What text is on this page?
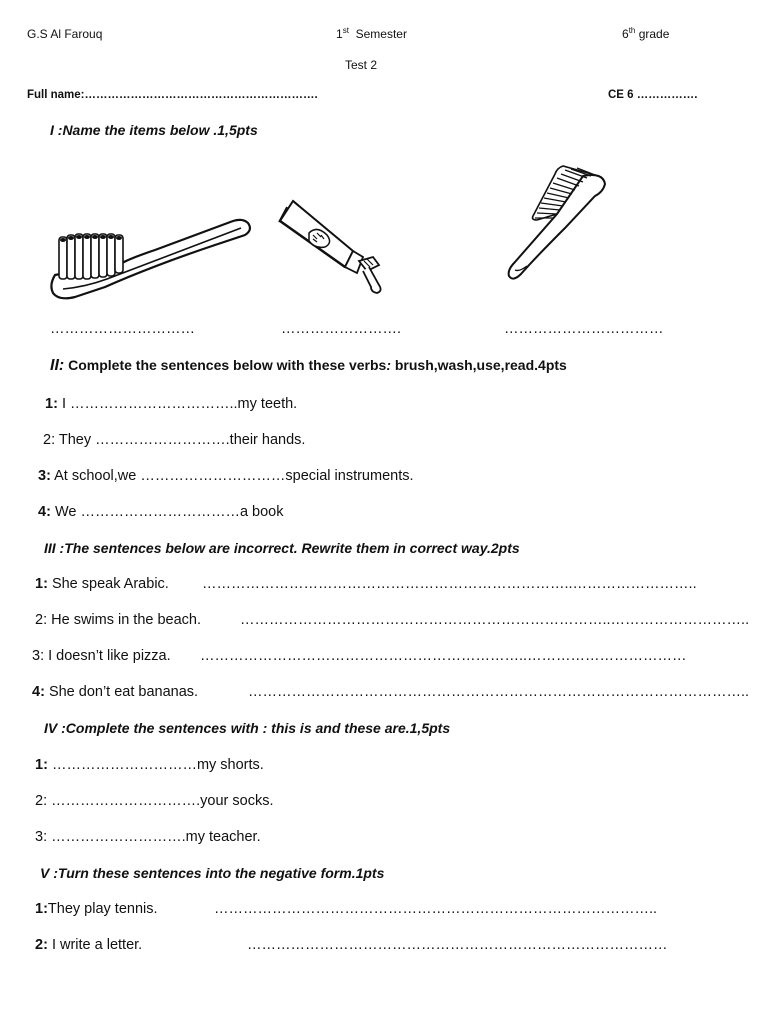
G.S Al Farouq	1st Semester	6th grade
Test 2
Full name:…………………………………………………….	CE 6 …………….
I :Name the items below .1,5pts
…………………………	…………………….	……………………………
II: Complete the sentences below with these verbs: brush,wash,use,read.4pts
1: I ……………………………..my teeth.
2: They ……………………….their hands.
3: At school,we …………………………special instruments.
4: We ……………………………a book
III :The sentences below are incorrect. Rewrite them in correct way.2pts
1: She speak Arabic. …………………………………………………………………..……………………..
2: He swims in the beach.	…………………………………………………………………..………………………..
3: I doesn’t like pizza. …………………………………………………………..……………………………
4: She don’t eat bananas.	…………………………………………………………………………………………..
IV :Complete the sentences with : this is and these are.1,5pts
1: …………………………my shorts.
2: ………………………….your socks.
3: ……………………….my teacher.
V :Turn these sentences into the negative form.1pts
1:They play tennis.	………………………………………………………………………………..
2: I write a letter.	……………………………………………………………………………
